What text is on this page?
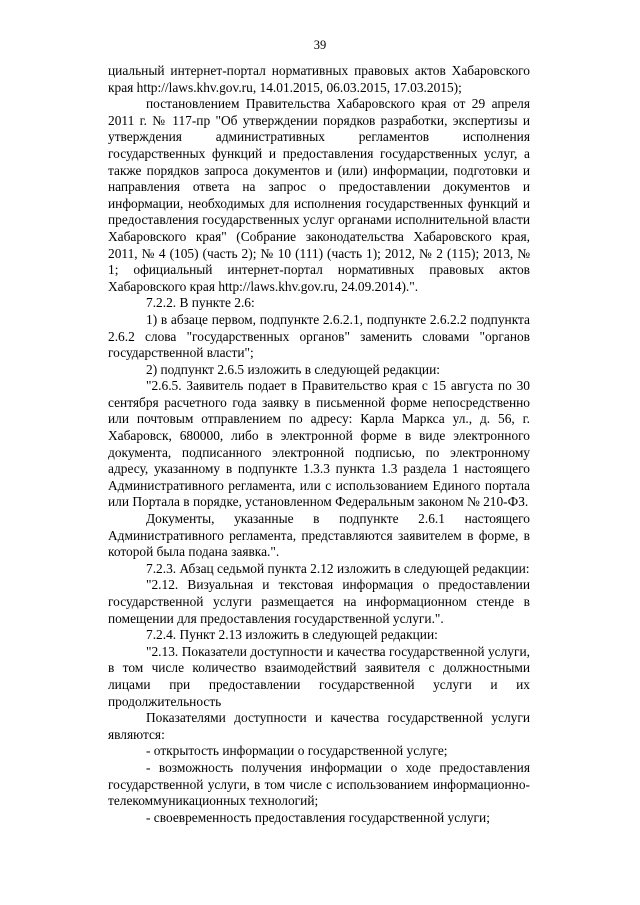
39

циальный интернет-портал нормативных правовых актов Хабаровского края http://laws.khv.gov.ru, 14.01.2015, 06.03.2015, 17.03.2015);

постановлением Правительства Хабаровского края от 29 апреля 2011 г. № 117-пр "Об утверждении порядков разработки, экспертизы и утверждения административных регламентов исполнения государственных функций и предоставления государственных услуг, а также порядков запроса документов и (или) информации, подготовки и направления ответа на запрос о предоставлении документов и информации, необходимых для исполнения государственных функций и предоставления государственных услуг органами исполнительной власти Хабаровского края" (Собрание законодательства Хабаровского края, 2011, № 4 (105) (часть 2); № 10 (111) (часть 1); 2012, № 2 (115); 2013, № 1; официальный интернет-портал нормативных правовых актов Хабаровского края http://laws.khv.gov.ru, 24.09.2014).".

7.2.2. В пункте 2.6:

1) в абзаце первом, подпункте 2.6.2.1, подпункте 2.6.2.2 подпункта 2.6.2 слова "государственных органов" заменить словами "органов государственной власти";

2) подпункт 2.6.5 изложить в следующей редакции:

"2.6.5. Заявитель подает в Правительство края с 15 августа по 30 сентября расчетного года заявку в письменной форме непосредственно или почтовым отправлением по адресу: Карла Маркса ул., д. 56, г. Хабаровск, 680000, либо в электронной форме в виде электронного документа, подписанного электронной подписью, по электронному адресу, указанному в подпункте 1.3.3 пункта 1.3 раздела 1 настоящего Административного регламента, или с использованием Единого портала или Портала в порядке, установленном Федеральным законом № 210-ФЗ.

Документы, указанные в подпункте 2.6.1 настоящего Административного регламента, представляются заявителем в форме, в которой была подана заявка.".

7.2.3. Абзац седьмой пункта 2.12 изложить в следующей редакции:

"2.12. Визуальная и текстовая информация о предоставлении государственной услуги размещается на информационном стенде в помещении для предоставления государственной услуги.".

7.2.4. Пункт 2.13 изложить в следующей редакции:

"2.13. Показатели доступности и качества государственной услуги, в том числе количество взаимодействий заявителя с должностными лицами при предоставлении государственной услуги и их продолжительность

Показателями доступности и качества государственной услуги являются:

- открытость информации о государственной услуге;

- возможность получения информации о ходе предоставления государственной услуги, в том числе с использованием информационно-телекоммуникационных технологий;

- своевременность предоставления государственной услуги;
